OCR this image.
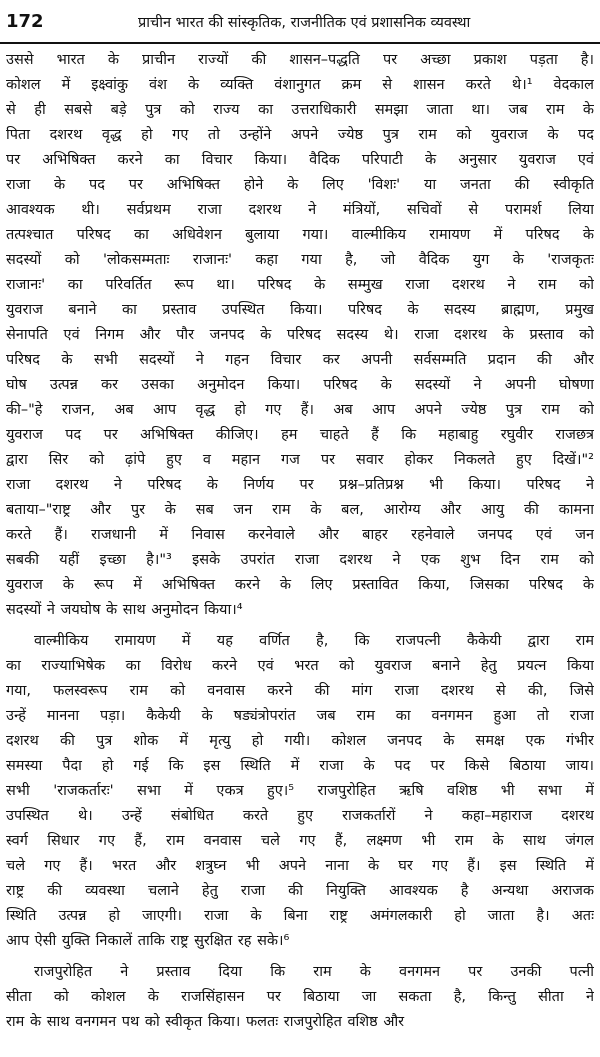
172	प्राचीन भारत की सांस्कृतिक, राजनीतिक एवं प्रशासनिक व्यवस्था

उससे भारत के प्राचीन राज्यों की शासन–पद्धति पर अच्छा प्रकाश पड़ता है।
कोशल में इक्ष्वांकु वंश के व्यक्ति वंशानुगत क्रम से शासन करते थे।¹ वेदकाल
से ही सबसे बड़े पुत्र को राज्य का उत्तराधिकारी समझा जाता था। जब राम के
पिता दशरथ वृद्ध हो गए तो उन्होंने अपने ज्येष्ठ पुत्र राम को युवराज के पद
पर अभिषिक्त करने का विचार किया। वैदिक परिपाटी के अनुसार युवराज एवं
राजा के पद पर अभिषिक्त होने के लिए 'विशः' या जनता की स्वीकृति
आवश्यक थी। सर्वप्रथम राजा दशरथ ने मंत्रियों, सचिवों से परामर्श लिया
तत्पश्चात परिषद का अधिवेशन बुलाया गया। वाल्मीकिय रामायण में परिषद के
सदस्यों को 'लोकसम्मताः राजानः' कहा गया है, जो वैदिक युग के 'राजकृतः
राजानः' का परिवर्तित रूप था। परिषद के सम्मुख राजा दशरथ ने राम को
युवराज बनाने का प्रस्ताव उपस्थित किया। परिषद के सदस्य ब्राह्मण, प्रमुख
सेनापति एवं निगम और पौर जनपद के परिषद सदस्य थे। राजा दशरथ के प्रस्ताव को
परिषद के सभी सदस्यों ने गहन विचार कर अपनी सर्वसम्मति प्रदान की और
घोष उत्पन्न कर उसका अनुमोदन किया। परिषद के सदस्यों ने अपनी घोषणा
की–"हे राजन, अब आप वृद्ध हो गए हैं। अब आप अपने ज्येष्ठ पुत्र राम को
युवराज पद पर अभिषिक्त कीजिए। हम चाहते हैं कि महाबाहु रघुवीर राजछत्र
द्वारा सिर को ढ़ांपे हुए व महान गज पर सवार होकर निकलते हुए दिखें।"²
राजा दशरथ ने परिषद के निर्णय पर प्रश्न–प्रतिप्रश्न भी किया। परिषद ने
बताया–"राष्ट्र और पुर के सब जन राम के बल, आरोग्य और आयु की कामना
करते हैं। राजधानी में निवास करनेवाले और बाहर रहनेवाले जनपद एवं जन
सबकी यहीं इच्छा है।"³ इसके उपरांत राजा दशरथ ने एक शुभ दिन राम को
युवराज के रूप में अभिषिक्त करने के लिए प्रस्तावित किया, जिसका परिषद के
सदस्यों ने जयघोष के साथ अनुमोदन किया।⁴

वाल्मीकिय रामायण में यह वर्णित है, कि राजपत्नी कैकेयी द्वारा राम
का राज्याभिषेक का विरोध करने एवं भरत को युवराज बनाने हेतु प्रयत्न किया
गया, फलस्वरूप राम को वनवास करने की मांग राजा दशरथ से की, जिसे
उन्हें मानना पड़ा। कैकेयी के षड्यंत्रोपरांत जब राम का वनगमन हुआ तो राजा
दशरथ की पुत्र शोक में मृत्यु हो गयी। कोशल जनपद के समक्ष एक गंभीर
समस्या पैदा हो गई कि इस स्थिति में राजा के पद पर किसे बिठाया जाय।
सभी 'राजकर्तारः' सभा में एकत्र हुए।⁵ राजपुरोहित ऋषि वशिष्ठ भी सभा में
उपस्थित थे। उन्हें संबोधित करते हुए राजकर्तारों ने कहा–महाराज दशरथ
स्वर्ग सिधार गए हैं, राम वनवास चले गए हैं, लक्ष्मण भी राम के साथ जंगल
चले गए हैं। भरत और शत्रुघ्न भी अपने नाना के घर गए हैं। इस स्थिति में
राष्ट्र की व्यवस्था चलाने हेतु राजा की नियुक्ति आवश्यक है अन्यथा अराजक
स्थिति उत्पन्न हो जाएगी। राजा के बिना राष्ट्र अमंगलकारी हो जाता है। अतः
आप ऐसी युक्ति निकालें ताकि राष्ट्र सुरक्षित रह सके।⁶

राजपुरोहित ने प्रस्ताव दिया कि राम के वनगमन पर उनकी पत्नी
सीता को कोशल के राजसिंहासन पर बिठाया जा सकता है, किन्तु सीता ने
राम के साथ वनगमन पथ को स्वीकृत किया। फलतः राजपुरोहित वशिष्ठ और
